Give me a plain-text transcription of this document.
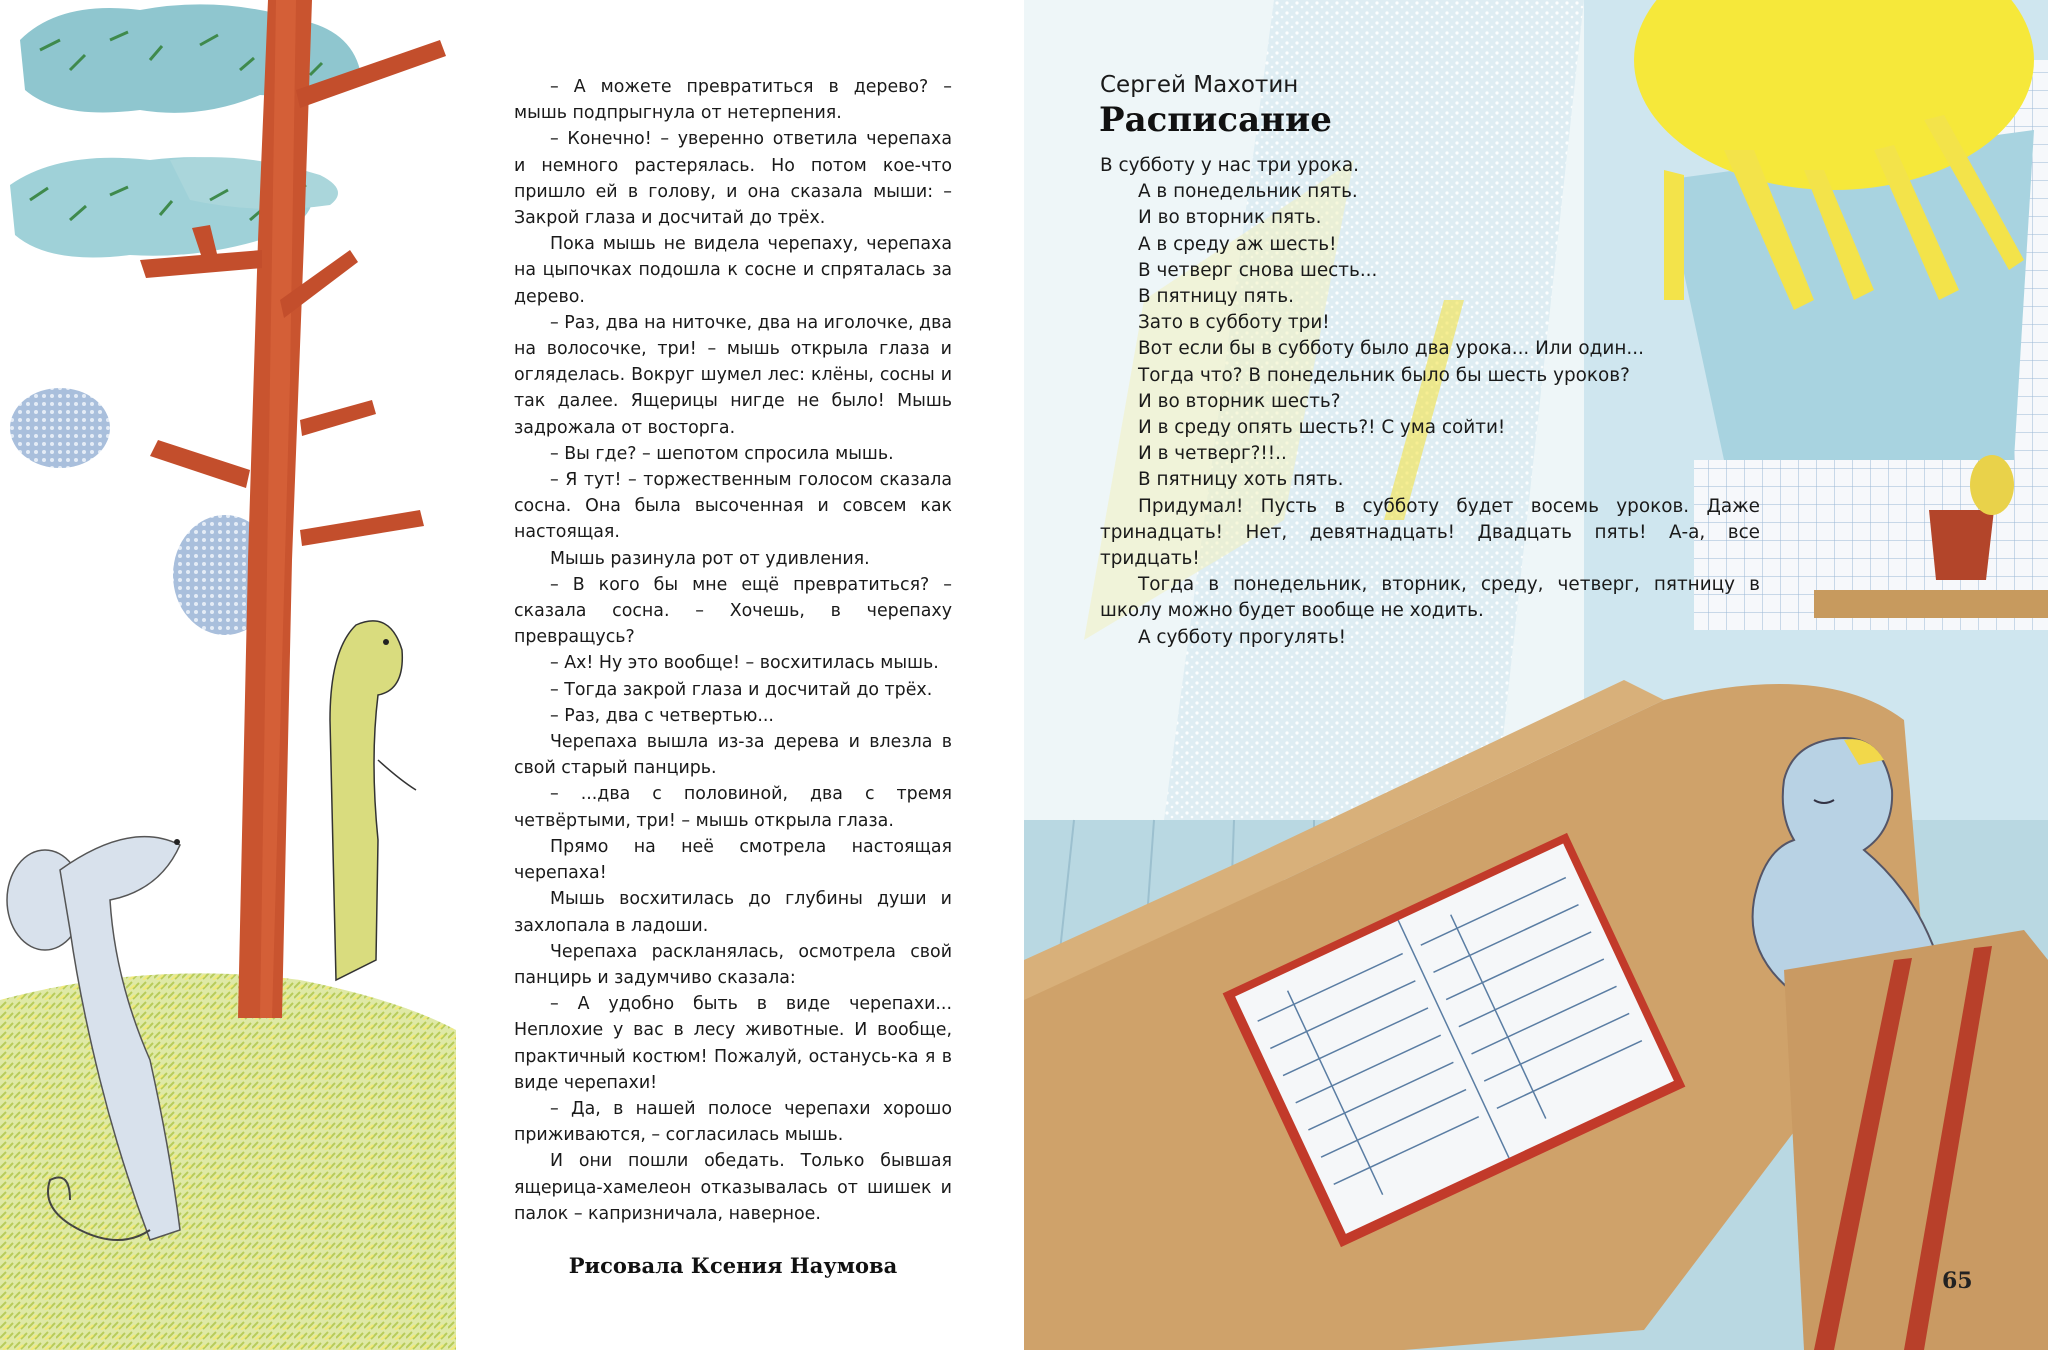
– А можете превратиться в дерево? – мышь подпрыгнула от нетерпения.

– Конечно! – уверенно ответила черепаха и немного растерялась. Но потом кое-что пришло ей в голову, и она сказала мыши: – Закрой глаза и досчитай до трёх.

Пока мышь не видела черепаху, черепаха на цыпочках подошла к сосне и спряталась за дерево.

– Раз, два на ниточке, два на иголочке, два на волосочке, три! – мышь открыла глаза и огляделась. Вокруг шумел лес: клёны, сосны и так далее. Ящерицы нигде не было! Мышь задрожала от восторга.

– Вы где? – шепотом спросила мышь.

– Я тут! – торжественным голосом сказала сосна. Она была высоченная и совсем как настоящая.

Мышь разинула рот от удивления.

– В кого бы мне ещё превратиться? – сказала сосна. – Хочешь, в черепаху превращусь?

– Ах! Ну это вообще! – восхитилась мышь.

– Тогда закрой глаза и досчитай до трёх.

– Раз, два с четвертью...

Черепаха вышла из-за дерева и влезла в свой старый панцирь.

– ...два с половиной, два с тремя четвёртыми, три! – мышь открыла глаза.

Прямо на неё смотрела настоящая черепаха!

Мышь восхитилась до глубины души и захлопала в ладоши.

Черепаха раскланялась, осмотрела свой панцирь и задумчиво сказала:

– А удобно быть в виде черепахи... Неплохие у вас в лесу животные. И вообще, практичный костюм! Пожалуй, останусь-ка я в виде черепахи!

– Да, в нашей полосе черепахи хорошо приживаются, – согласилась мышь.

И они пошли обедать. Только бывшая ящерица-хамелеон отказывалась от шишек и палок – капризничала, наверное.

Рисовала Ксения Наумова
Сергей Махотин
Расписание
В субботу у нас три урока.
А в понедельник пять.
И во вторник пять.
А в среду аж шесть!
В четверг снова шесть...
В пятницу пять.
Зато в субботу три!
Вот если бы в субботу было два урока... Или один...
Тогда что? В понедельник было бы шесть уроков?
И во вторник шесть?
И в среду опять шесть?! С ума сойти!
И в четверг?!!..
В пятницу хоть пять.
Придумал! Пусть в субботу будет восемь уроков. Даже тринадцать! Нет, девятнадцать! Двадцать пять! А-а, все тридцать!
Тогда в понедельник, вторник, среду, четверг, пятницу в школу можно будет вообще не ходить.
А субботу прогулять!
65
